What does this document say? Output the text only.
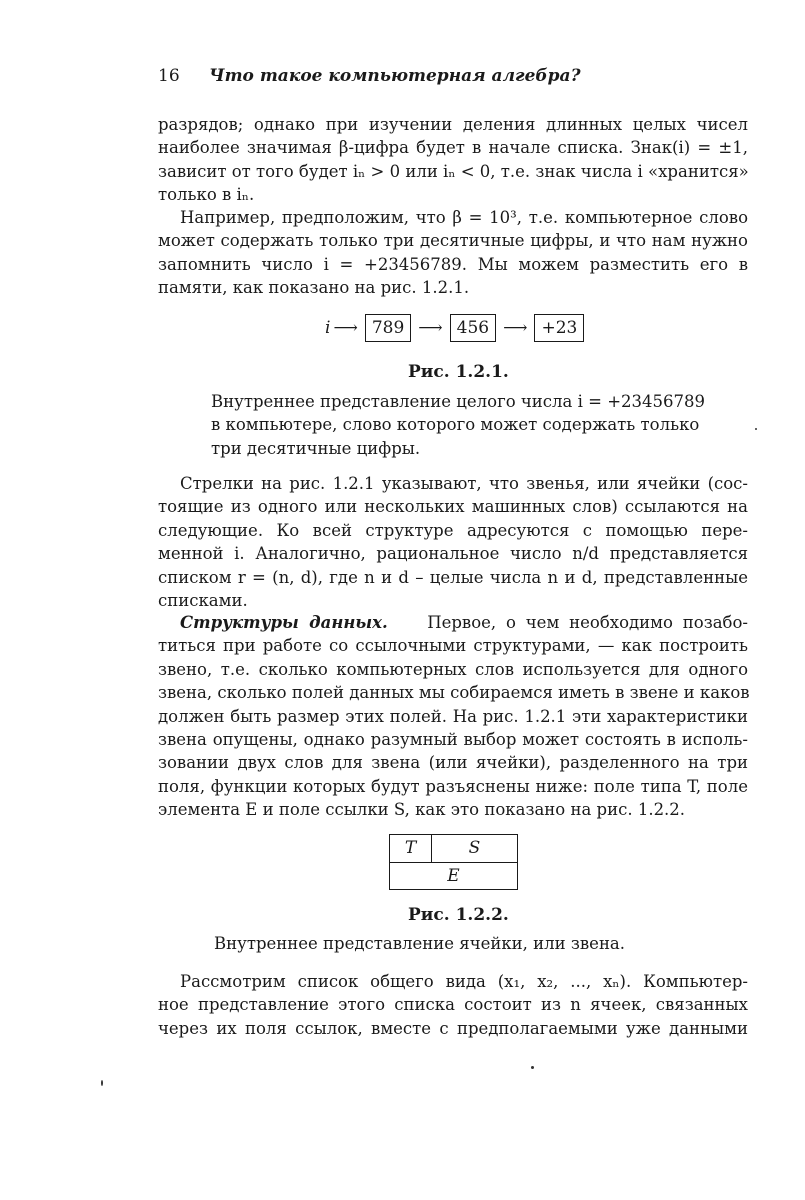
16 Что такое компьютерная алгебра?
разрядов; однако при изучении деления длинных целых чисел
наиболее значимая β-цифра будет в начале списка. Знак(i) = ±1,
зависит от того будет iₙ > 0 или iₙ < 0, т.е. знак числа i «хранится»
только в iₙ.
Например, предположим, что β = 10³, т.е. компьютерное слово
может содержать только три десятичные цифры, и что нам нужно
запомнить число i = +23456789. Мы можем разместить его в
памяти, как показано на рис. 1.2.1.
i ⟶ 789 ⟶ 456 ⟶ +23
Рис. 1.2.1.
Внутреннее представление целого числа i = +23456789
в компьютере, слово которого может содержать только
три десятичные цифры.
Стрелки на рис. 1.2.1 указывают, что звенья, или ячейки (сос-
тоящие из одного или нескольких машинных слов) ссылаются на
следующие. Ко всей структуре адресуются с помощью пере-
менной i. Аналогично, рациональное число n/d представляется
списком r = (n, d), где n и d – целые числа n и d, представленные
списками.
Структуры данных. Первое, о чем необходимо позабо-
титься при работе со ссылочными структурами, — как построить
звено, т.е. сколько компьютерных слов используется для одного
звена, сколько полей данных мы собираемся иметь в звене и каков
должен быть размер этих полей. На рис. 1.2.1 эти характеристики
звена опущены, однако разумный выбор может состоять в исполь-
зовании двух слов для звена (или ячейки), разделенного на три
поля, функции которых будут разъяснены ниже: поле типа T, поле
элемента E и поле ссылки S, как это показано на рис. 1.2.2.
T	S
E
Рис. 1.2.2.
Внутреннее представление ячейки, или звена.
Рассмотрим список общего вида (x₁, x₂, ..., xₙ). Компьютер-
ное представление этого списка состоит из n ячеек, связанных
через их поля ссылок, вместе с предполагаемыми уже данными
